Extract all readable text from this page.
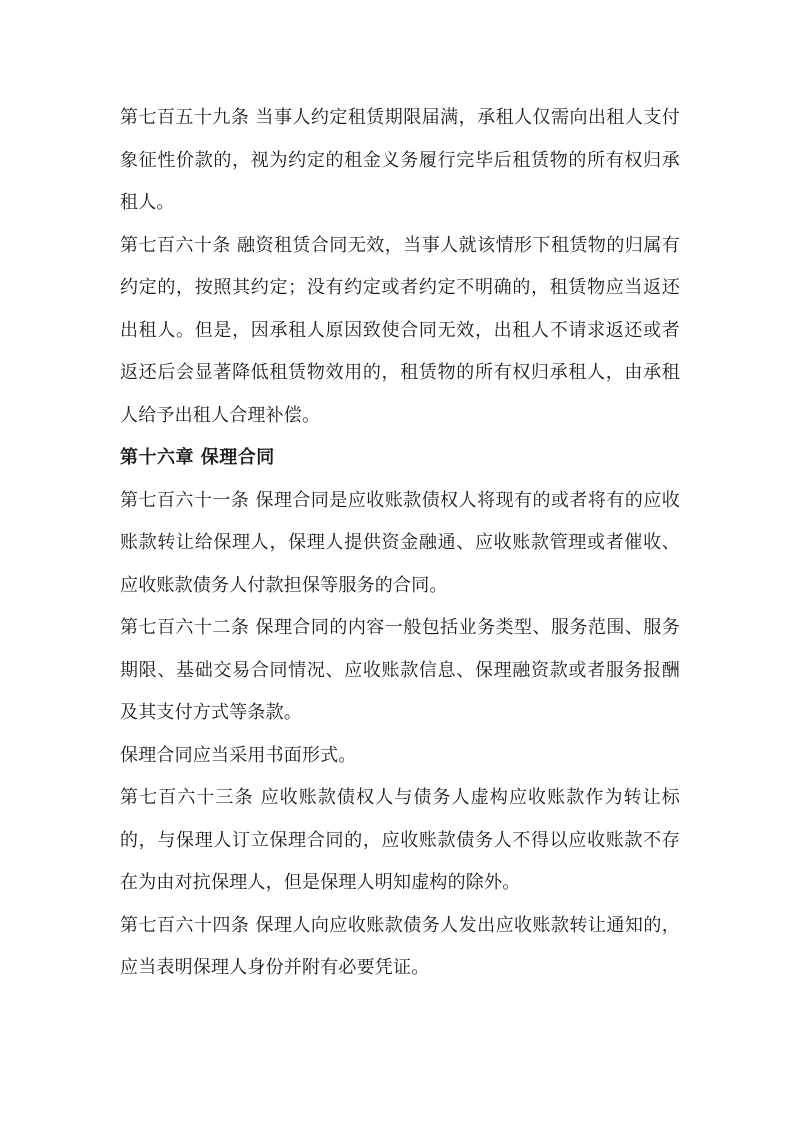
第七百五十九条 当事人约定租赁期限届满，承租人仅需向出租人支付象征性价款的，视为约定的租金义务履行完毕后租赁物的所有权归承租人。

第七百六十条 融资租赁合同无效，当事人就该情形下租赁物的归属有约定的，按照其约定；没有约定或者约定不明确的，租赁物应当返还出租人。但是，因承租人原因致使合同无效，出租人不请求返还或者返还后会显著降低租赁物效用的，租赁物的所有权归承租人，由承租人给予出租人合理补偿。

第十六章 保理合同

第七百六十一条 保理合同是应收账款债权人将现有的或者将有的应收账款转让给保理人，保理人提供资金融通、应收账款管理或者催收、应收账款债务人付款担保等服务的合同。

第七百六十二条 保理合同的内容一般包括业务类型、服务范围、服务期限、基础交易合同情况、应收账款信息、保理融资款或者服务报酬及其支付方式等条款。

保理合同应当采用书面形式。

第七百六十三条 应收账款债权人与债务人虚构应收账款作为转让标的，与保理人订立保理合同的，应收账款债务人不得以应收账款不存在为由对抗保理人，但是保理人明知虚构的除外。

第七百六十四条 保理人向应收账款债务人发出应收账款转让通知的，应当表明保理人身份并附有必要凭证。
